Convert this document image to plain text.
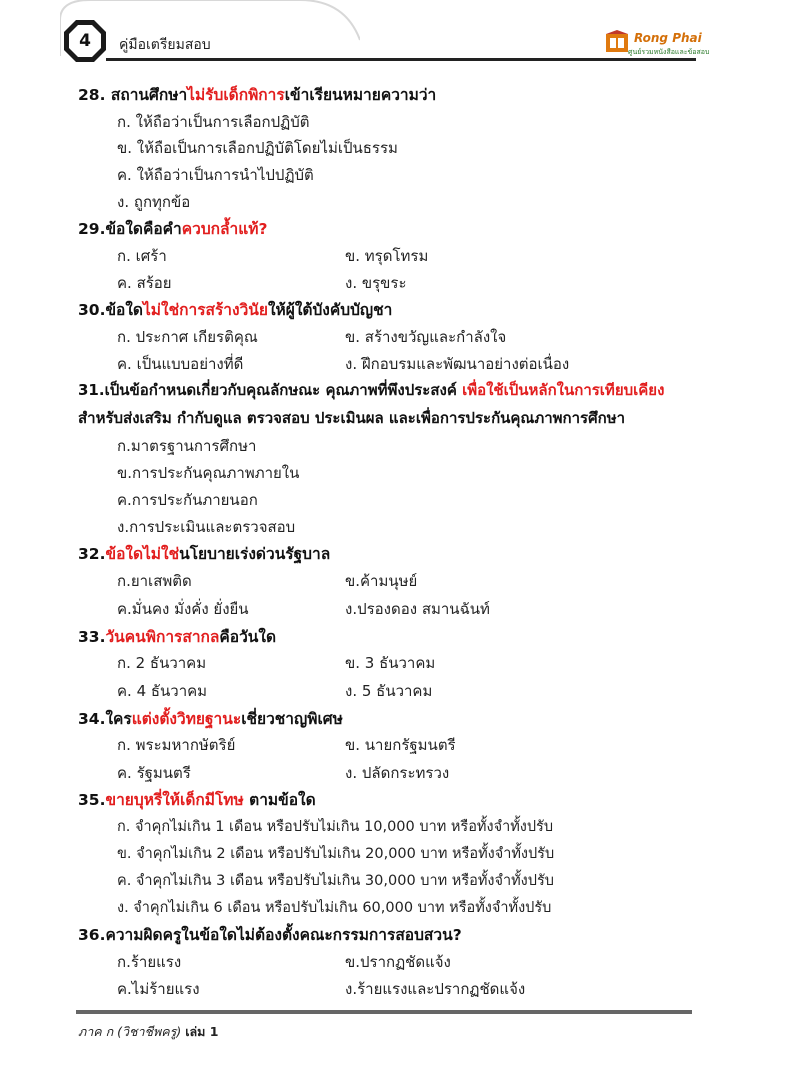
4	คู่มือเตรียมสอบ	Rong Phai
ศูนย์รวมหนังสือและข้อสอบ
28. สถานศึกษาไม่รับเด็กพิการเข้าเรียนหมายความว่า
ก. ให้ถือว่าเป็นการเลือกปฏิบัติ
ข. ให้ถือเป็นการเลือกปฏิบัติโดยไม่เป็นธรรม
ค. ให้ถือว่าเป็นการนำไปปฏิบัติ
ง. ถูกทุกข้อ
29.ข้อใดคือคำควบกล้ำแท้?
ก. เศร้า	ข. ทรุดโทรม
ค. สร้อย	ง. ขรุขระ
30.ข้อใดไม่ใช่การสร้างวินัยให้ผู้ใต้บังคับบัญชา
ก. ประกาศ เกียรติคุณ	ข. สร้างขวัญและกำลังใจ
ค. เป็นแบบอย่างที่ดี	ง. ฝึกอบรมและพัฒนาอย่างต่อเนื่อง
31.เป็นข้อกำหนดเกี่ยวกับคุณลักษณะ คุณภาพที่พึงประสงค์ เพื่อใช้เป็นหลักในการเทียบเคียง
สำหรับส่งเสริม กำกับดูแล ตรวจสอบ ประเมินผล และเพื่อการประกันคุณภาพการศึกษา
ก.มาตรฐานการศึกษา
ข.การประกันคุณภาพภายใน
ค.การประกันภายนอก
ง.การประเมินและตรวจสอบ
32.ข้อใดไม่ใช่นโยบายเร่งด่วนรัฐบาล
ก.ยาเสพติด	ข.ค้ามนุษย์
ค.มั่นคง มั่งคั่ง ยั่งยืน	ง.ปรองดอง สมานฉันท์
33.วันคนพิการสากลคือวันใด
ก. 2 ธันวาคม	ข. 3 ธันวาคม
ค. 4 ธันวาคม	ง. 5 ธันวาคม
34.ใครแต่งตั้งวิทยฐานะเชี่ยวชาญพิเศษ
ก. พระมหากษัตริย์	ข. นายกรัฐมนตรี
ค. รัฐมนตรี	ง. ปลัดกระทรวง
35.ขายบุหรี่ให้เด็กมีโทษ ตามข้อใด
ก. จำคุกไม่เกิน 1 เดือน หรือปรับไม่เกิน 10,000 บาท หรือทั้งจำทั้งปรับ
ข. จำคุกไม่เกิน 2 เดือน หรือปรับไม่เกิน 20,000 บาท หรือทั้งจำทั้งปรับ
ค. จำคุกไม่เกิน 3 เดือน หรือปรับไม่เกิน 30,000 บาท หรือทั้งจำทั้งปรับ
ง. จำคุกไม่เกิน 6 เดือน หรือปรับไม่เกิน 60,000 บาท หรือทั้งจำทั้งปรับ
36.ความผิดครูในข้อใดไม่ต้องตั้งคณะกรรมการสอบสวน?
ก.ร้ายแรง	ข.ปรากฏชัดแจ้ง
ค.ไม่ร้ายแรง	ง.ร้ายแรงและปรากฏชัดแจ้ง
ภาค ก (วิชาชีพครู) เล่ม 1
